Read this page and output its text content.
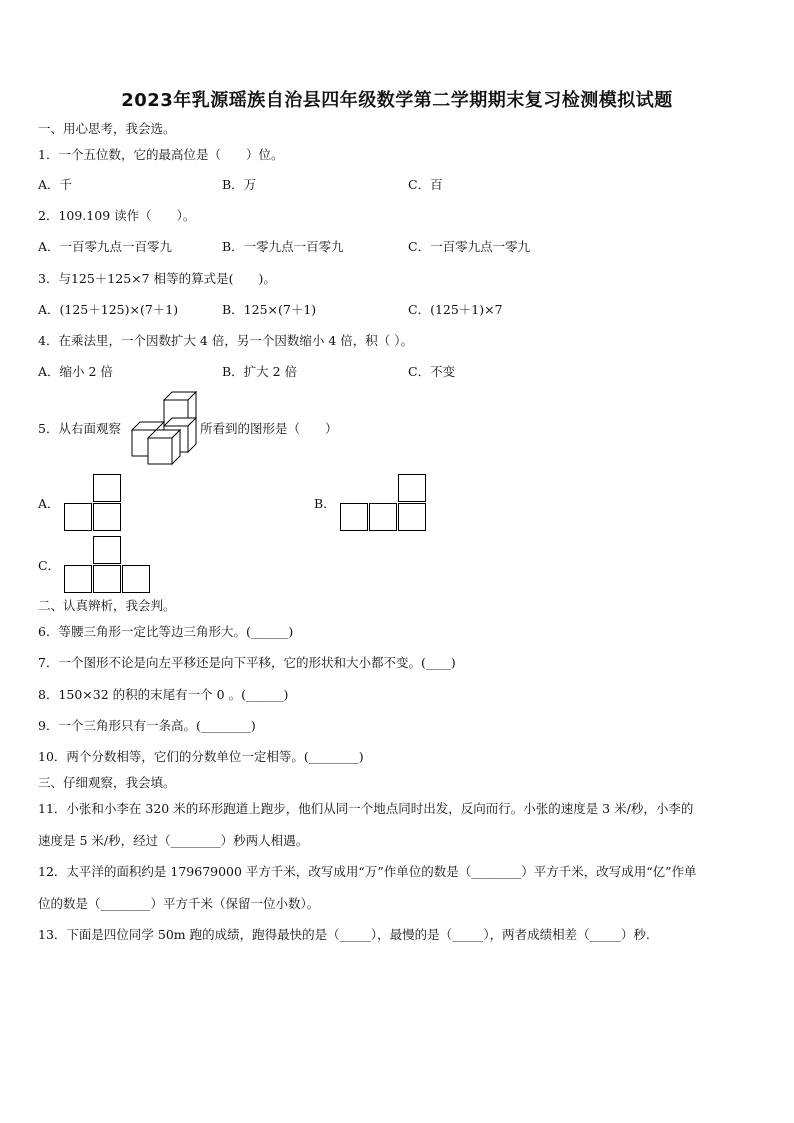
2023年乳源瑶族自治县四年级数学第二学期期末复习检测模拟试题
一、用心思考，我会选。
1．一个五位数，它的最高位是（　　）位。
A．千	B．万	C．百
2．109.109 读作（　　）。
A．一百零九点一百零九	B．一零九点一百零九	C．一百零九点一零九
3．与125＋125×7 相等的算式是(　　)。
A．(125＋125)×(7＋1)	B．125×(7＋1)	C．(125＋1)×7
4．在乘法里，一个因数扩大 4 倍，另一个因数缩小 4 倍，积（ ）。
A．缩小 2 倍	B．扩大 2 倍	C．不变
5．从右面观察	所看到的图形是（　　）
A．	B．
C．
二、认真辨析，我会判。
6．等腰三角形一定比等边三角形大。(______)
7．一个图形不论是向左平移还是向下平移，它的形状和大小都不变。(____)
8．150×32 的积的末尾有一个 0 。(______)
9．一个三角形只有一条高。(________)
10．两个分数相等，它们的分数单位一定相等。(________)
三、仔细观察，我会填。
11．小张和小李在 320 米的环形跑道上跑步，他们从同一个地点同时出发，反向而行。小张的速度是 3 米/秒，小李的
速度是 5 米/秒，经过（________）秒两人相遇。
12．太平洋的面积约是 179679000 平方千米，改写成用“万”作单位的数是（________）平方千米，改写成用“亿”作单
位的数是（________）平方千米（保留一位小数）。
13．下面是四位同学 50m 跑的成绩，跑得最快的是（_____），最慢的是（_____），两者成绩相差（_____）秒.
